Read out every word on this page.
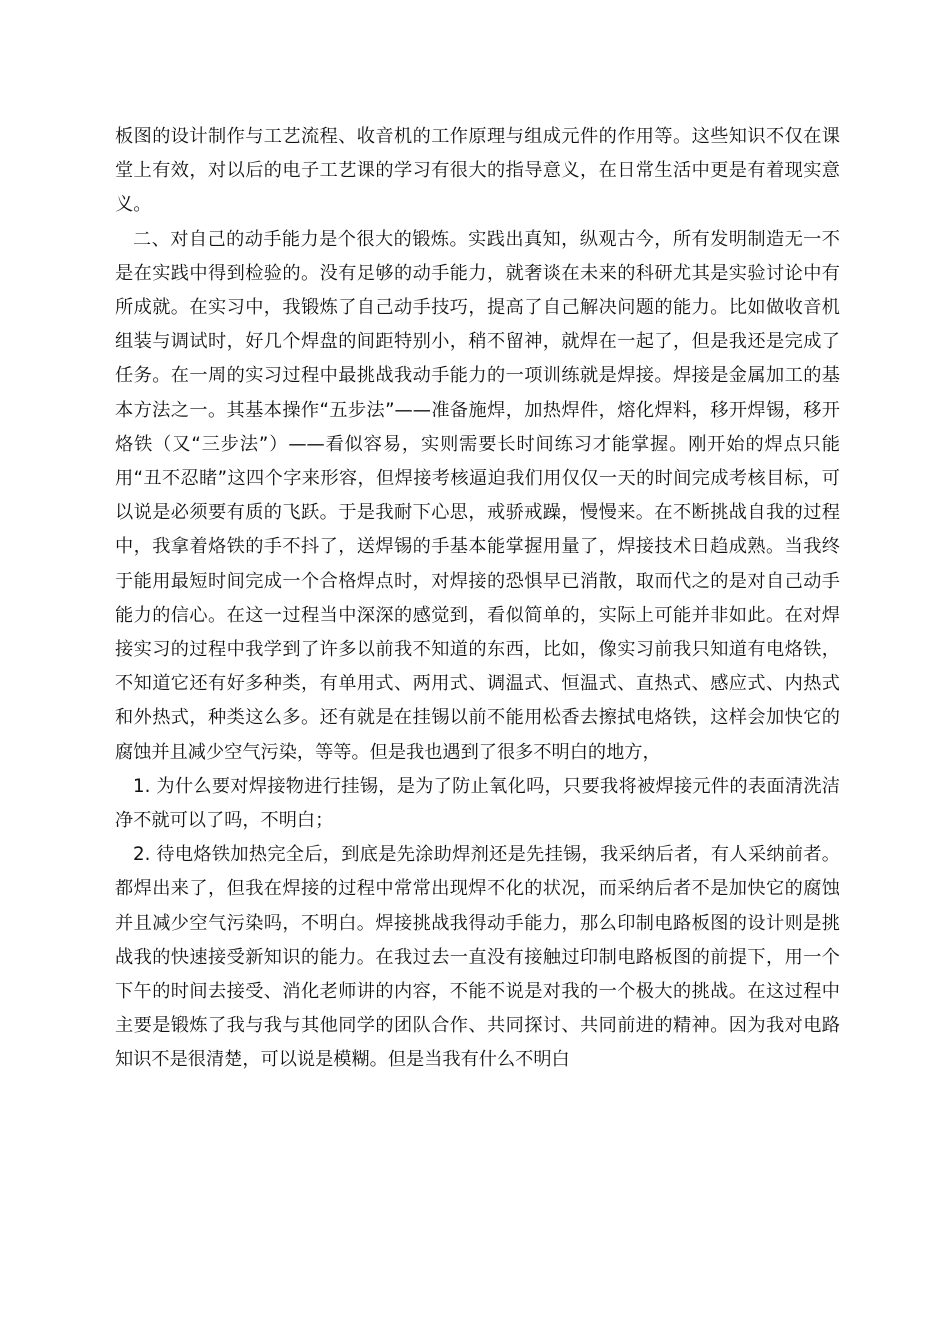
板图的设计制作与工艺流程、收音机的工作原理与组成元件的作用等。这些知识不仅在课堂上有效，对以后的电子工艺课的学习有很大的指导意义，在日常生活中更是有着现实意义。

二、对自己的动手能力是个很大的锻炼。实践出真知，纵观古今，所有发明制造无一不是在实践中得到检验的。没有足够的动手能力，就奢谈在未来的科研尤其是实验讨论中有所成就。在实习中，我锻炼了自己动手技巧，提高了自己解决问题的能力。比如做收音机组装与调试时，好几个焊盘的间距特别小，稍不留神，就焊在一起了，但是我还是完成了任务。在一周的实习过程中最挑战我动手能力的一项训练就是焊接。焊接是金属加工的基本方法之一。其基本操作“五步法”——准备施焊，加热焊件，熔化焊料，移开焊锡，移开烙铁（又“三步法”）——看似容易，实则需要长时间练习才能掌握。刚开始的焊点只能用“丑不忍睹”这四个字来形容，但焊接考核逼迫我们用仅仅一天的时间完成考核目标，可以说是必须要有质的飞跃。于是我耐下心思，戒骄戒躁，慢慢来。在不断挑战自我的过程中，我拿着烙铁的手不抖了，送焊锡的手基本能掌握用量了，焊接技术日趋成熟。当我终于能用最短时间完成一个合格焊点时，对焊接的恐惧早已消散，取而代之的是对自己动手能力的信心。在这一过程当中深深的感觉到，看似简单的，实际上可能并非如此。在对焊接实习的过程中我学到了许多以前我不知道的东西，比如，像实习前我只知道有电烙铁，不知道它还有好多种类，有单用式、两用式、调温式、恒温式、直热式、感应式、内热式和外热式，种类这么多。还有就是在挂锡以前不能用松香去擦拭电烙铁，这样会加快它的腐蚀并且减少空气污染，等等。但是我也遇到了很多不明白的地方，

1. 为什么要对焊接物进行挂锡，是为了防止氧化吗，只要我将被焊接元件的表面清洗洁净不就可以了吗，不明白；

2. 待电烙铁加热完全后，到底是先涂助焊剂还是先挂锡，我采纳后者，有人采纳前者。都焊出来了，但我在焊接的过程中常常出现焊不化的状况，而采纳后者不是加快它的腐蚀并且减少空气污染吗，不明白。焊接挑战我得动手能力，那么印制电路板图的设计则是挑战我的快速接受新知识的能力。在我过去一直没有接触过印制电路板图的前提下，用一个下午的时间去接受、消化老师讲的内容，不能不说是对我的一个极大的挑战。在这过程中主要是锻炼了我与我与其他同学的团队合作、共同探讨、共同前进的精神。因为我对电路知识不是很清楚，可以说是模糊。但是当我有什么不明白
